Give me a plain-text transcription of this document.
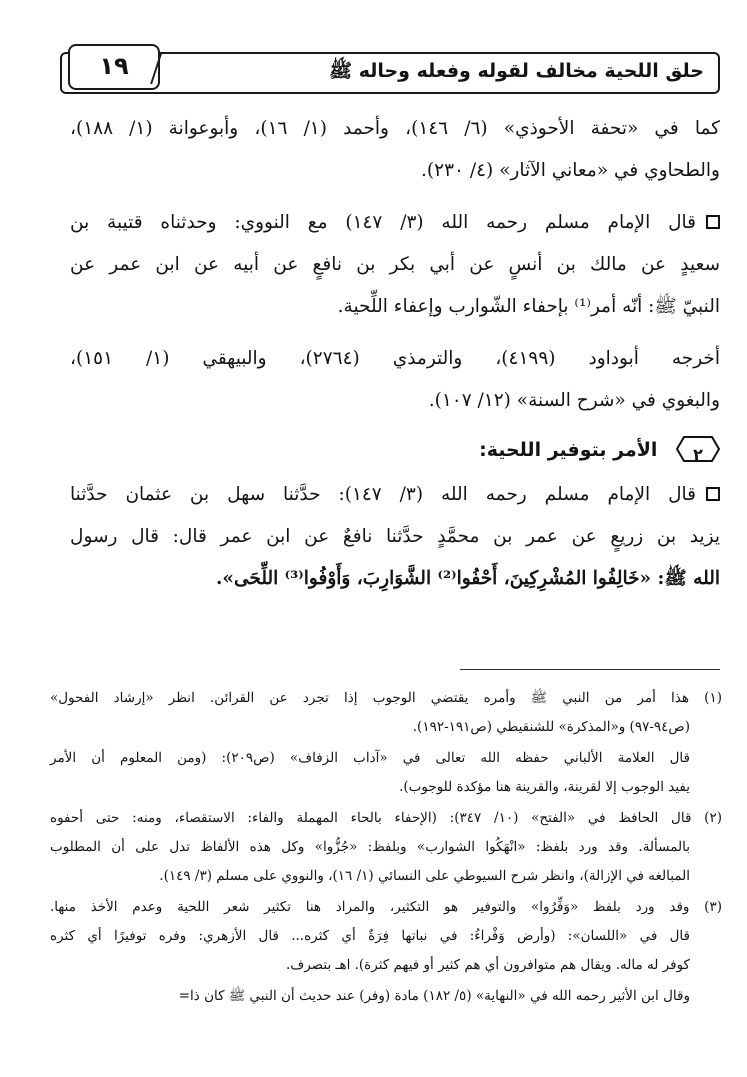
حلق اللحية مخالف لقوله وفعله وحاله ﷺ
١٩
كما في «تحفة الأحوذي» (٦/ ١٤٦)، وأحمد (١/ ١٦)، وأبوعوانة (١/ ١٨٨)،
والطحاوي في «معاني الآثار» (٤/ ٢٣٠).
قال الإمام مسلم رحمه الله (٣/ ١٤٧) مع النووي: وحدثناه قتيبة بن
سعيدٍ عن مالك بن أنسٍ عن أبي بكر بن نافعٍ عن أبيه عن ابن عمر عن
النبيّ ﷺ: أنّه أمر⁽¹⁾ بإحفاء الشّوارب وإعفاء اللِّحية.
أخرجه أبوداود (٤١٩٩)، والترمذي (٢٧٦٤)، والبيهقي (١/ ١٥١)،
والبغوي في «شرح السنة» (١٢/ ١٠٧).
٢
الأمر بتوفير اللحية:
قال الإمام مسلم رحمه الله (٣/ ١٤٧): حدَّثنا سهل بن عثمان حدَّثنا
يزيد بن زريعٍ عن عمر بن محمَّدٍ حدَّثنا نافعٌ عن ابن عمر قال: قال رسول
الله ﷺ: «خَالِفُوا المُشْرِكِينَ، أَحْفُوا⁽²⁾ الشَّوَارِبَ، وَأَوْفُوا⁽³⁾ اللِّحَى».
(١) هذا أمر من النبي ﷺ وأمره يقتضي الوجوب إذا تجرد عن القرائن. انظر «إرشاد الفحول»
(ص٩٤-٩٧) و«المذكرة» للشنقيطي (ص١٩١-١٩٢).
قال العلامة الألباني حفظه الله تعالى في «آداب الزفاف» (ص٢٠٩): (ومن المعلوم أن الأمر
يفيد الوجوب إلا لقرينة، والقرينة هنا مؤكدة للوجوب).
(٢) قال الحافظ في «الفتح» (١٠/ ٣٤٧): (الإحفاء بالحاء المهملة والفاء: الاستقصاء، ومنه: حتى أحفوه
بالمسألة. وقد ورد بلفظ: «انْهَكُوا الشوارب» وبلفظ: «جُزُّوا» وكل هذه الألفاظ تدل على أن المطلوب
المبالغه في الإزالة)، وانظر شرح السيوطي على النسائي (١/ ١٦)، والنووي على مسلم (٣/ ١٤٩).
(٣) وقد ورد بلفظ «وَفِّرُوا» والتوفير هو التكثير، والمراد هنا تكثير شعر اللحية وعدم الأخذ منها.
قال في «اللسان»: (وأرض وَفْراءُ: في نباتها فِرَةٌ أي كثره... قال الأزهري: وفره توفيرًا أي كثره
كوفر له ماله. ويقال هم متوافرون أي هم كثير أو فيهم كثرة). اهـ بتصرف.
وقال ابن الأثير رحمه الله في «النهاية» (٥/ ١٨٢) مادة (وفر) عند حديث أن النبي ﷺ كان ذا=
